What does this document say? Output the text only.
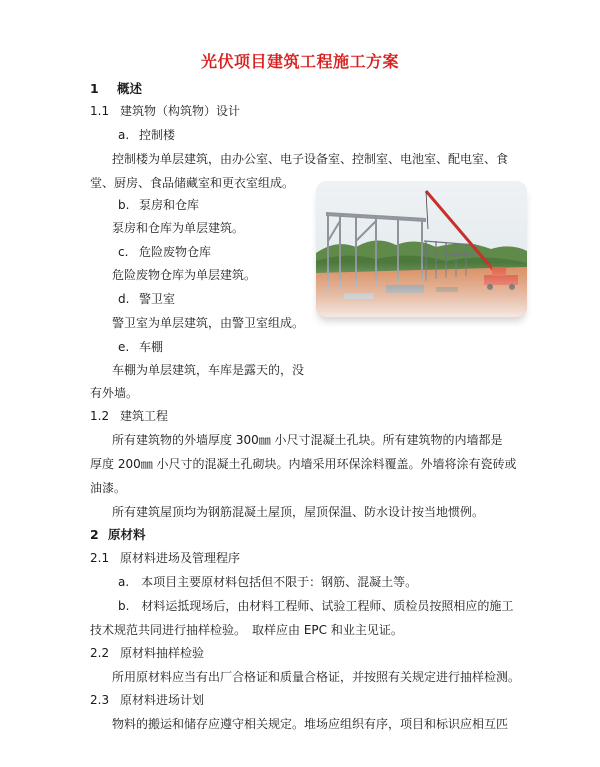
光伏项目建筑工程施工方案
1 概述
1.1 建筑物（构筑物）设计
a. 控制楼
控制楼为单层建筑，由办公室、电子设备室、控制室、电池室、配电室、食
堂、厨房、食品储藏室和更衣室组成。
b. 泵房和仓库
泵房和仓库为单层建筑。
c. 危险废物仓库
危险废物仓库为单层建筑。
d. 警卫室
警卫室为单层建筑，由警卫室组成。
e. 车棚
车棚为单层建筑，车库是露天的，没
有外墙。
1.2 建筑工程
所有建筑物的外墙厚度 300㎜ 小尺寸混凝土孔块。所有建筑物的内墙都是
厚度 200㎜ 小尺寸的混凝土孔砌块。内墙采用环保涂料覆盖。外墙将涂有瓷砖或
油漆。
所有建筑屋顶均为钢筋混凝土屋顶，屋顶保温、防水设计按当地惯例。
2 原材料
2.1 原材料进场及管理程序
a.　本项目主要原材料包括但不限于：钢筋、混凝土等。
b.　材料运抵现场后，由材料工程师、试验工程师、质检员按照相应的施工
技术规范共同进行抽样检验。　取样应由 EPC 和业主见证。
2.2 原材料抽样检验
所用原材料应当有出厂合格证和质量合格证，并按照有关规定进行抽样检测。
2.3 原材料进场计划
物料的搬运和储存应遵守相关规定。堆场应组织有序，项目和标识应相互匹
